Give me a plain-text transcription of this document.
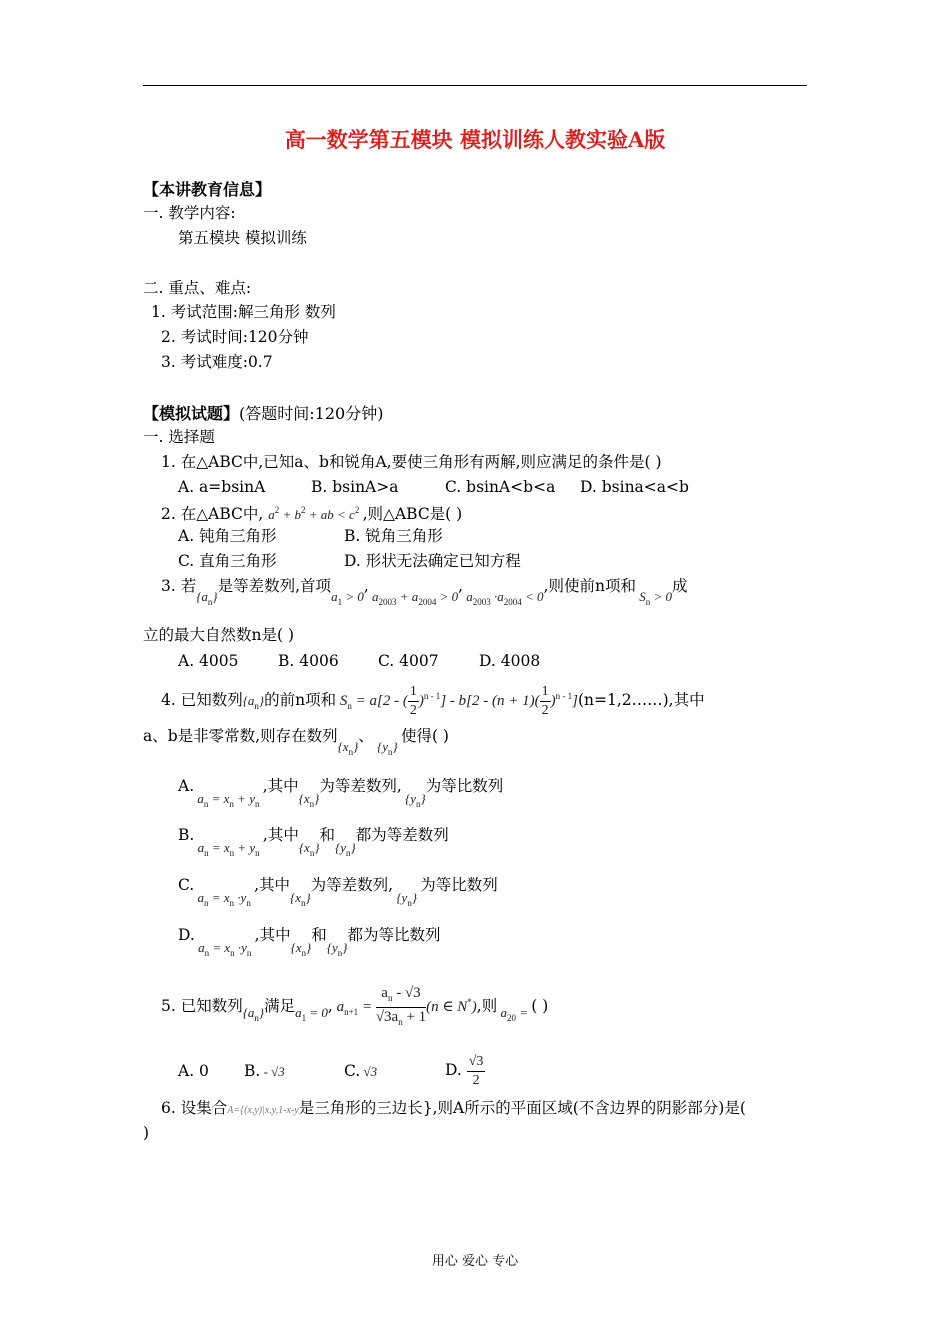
高一数学第五模块 模拟训练人教实验A版
【本讲教育信息】
一. 教学内容:
第五模块 模拟训练
二. 重点、难点:
1. 考试范围:解三角形 数列
2. 考试时间:120分钟
3. 考试难度:0.7
【模拟试题】(答题时间:120分钟)
一. 选择题
1. 在△ABC中,已知a、b和锐角A,要使三角形有两解,则应满足的条件是( )
A. a=bsinA	B. bsinA>a	C. bsinA<b<a D. bsina<a<b
2. 在△ABC中, $a^2 + b^2$ + ab < $c^2$ ,则△ABC是( )
A. 钝角三角形	B. 锐角三角形
C. 直角三角形	D. 形状无法确定已知方程
3. 若$_{\{a_n\}}$是等差数列,首项$_{a_1 > 0}$, $_{a_{2003} + a_{2004} > 0}$, $_{a_{2003} \cdot a_{2004} < 0}$,则使前n项和 $_{S_n > 0}$成
立的最大自然数n是( )
A. 4005	B. 4006	C. 4007	D. 4008
4. 已知数列$\{a_n\}$的前n项和 $S_n = a[2$ - ( $\frac{1}{2} )^{n - 1}] - b[2 - (n + 1)( \frac{1}{2}$ )$^{n - 1}](n=1,2\dots\dots)$,其中
a、b是非零常数,则存在数列$_{\{x_n\}}$、 $_{\{y_n\}}$ 使得( )
A. $_{a_n = x_n + y_n}$ ,其中$_{\{x_n\}}$为等差数列, $_{\{y_n\}}$为等比数列
B. $_{a_n = x_n + y_n}$ ,其中$_{\{x_n\}}$和$_{\{y_n\}}$都为等差数列
C. $_{a_n = x_n \cdot y_n}$ ,其中$_{\{x_n\}}$为等差数列, $_{\{y_n\}}$ 为等比数列
D. $_{a_n = x_n \cdot y_n}$ ,其中$_{\{x_n\}}$和$_{\{y_n\}}$都为等比数列
5. 已知数列$_{\{a_n\}}$满足$_{a_1 = 0}$, $a_{n+1} = \frac{a_n - √3}{√3a_n + 1} (n$ ∈ N*),则 $_{a_{20} =}$ ( )
A. 0 B. - √3	C. √3	D. $\frac{√3}{2}$
6. 设集合A={(x,y)|x,y,1-x-y是三角形的三边长},则A所示的平面区域(不含边界的阴影部分)是(
)
用心 爱心 专心
